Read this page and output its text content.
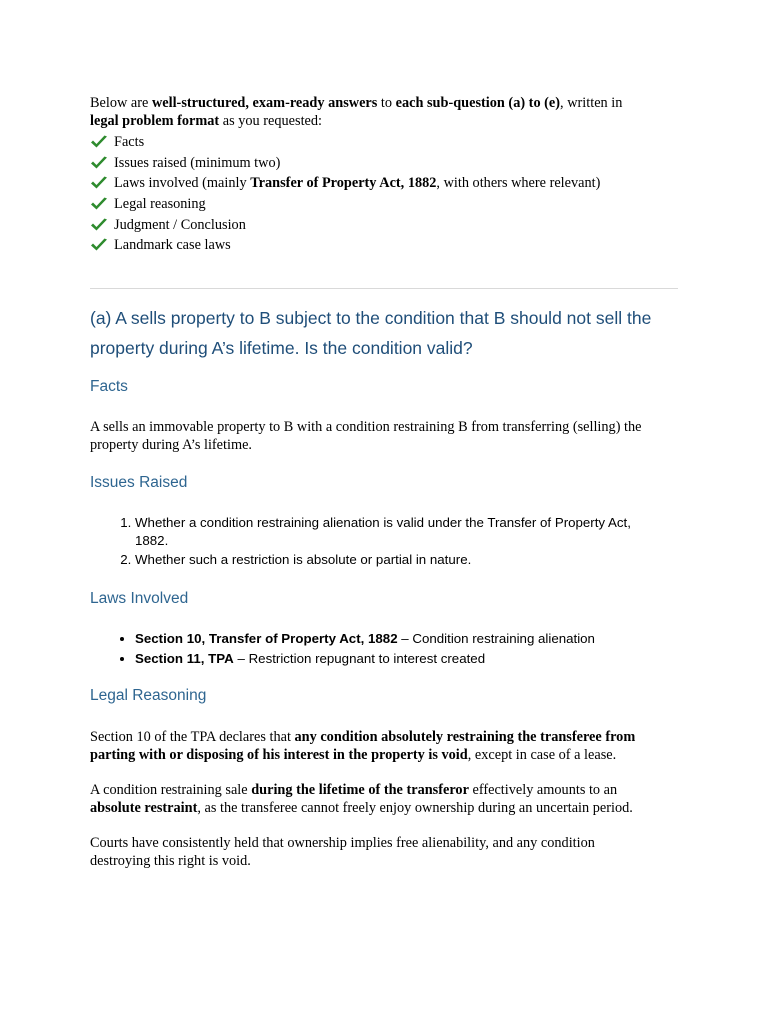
Below are well-structured, exam-ready answers to each sub-question (a) to (e), written in
legal problem format as you requested:

Facts
Issues raised (minimum two)
Laws involved (mainly Transfer of Property Act, 1882, with others where relevant)
Legal reasoning
Judgment / Conclusion
Landmark case laws
(a) A sells property to B subject to the condition that B should not sell the
property during A’s lifetime. Is the condition valid?
Facts

A sells an immovable property to B with a condition restraining B from transferring (selling) the
property during A’s lifetime.

Issues Raised
1. Whether a condition restraining alienation is valid under the Transfer of Property Act,
1882.
2. Whether such a restriction is absolute or partial in nature.
Laws Involved
• Section 10, Transfer of Property Act, 1882 – Condition restraining alienation
• Section 11, TPA – Restriction repugnant to interest created
Legal Reasoning

Section 10 of the TPA declares that any condition absolutely restraining the transferee from
parting with or disposing of his interest in the property is void, except in case of a lease.

A condition restraining sale during the lifetime of the transferor effectively amounts to an
absolute restraint, as the transferee cannot freely enjoy ownership during an uncertain period.

Courts have consistently held that ownership implies free alienability, and any condition
destroying this right is void.
